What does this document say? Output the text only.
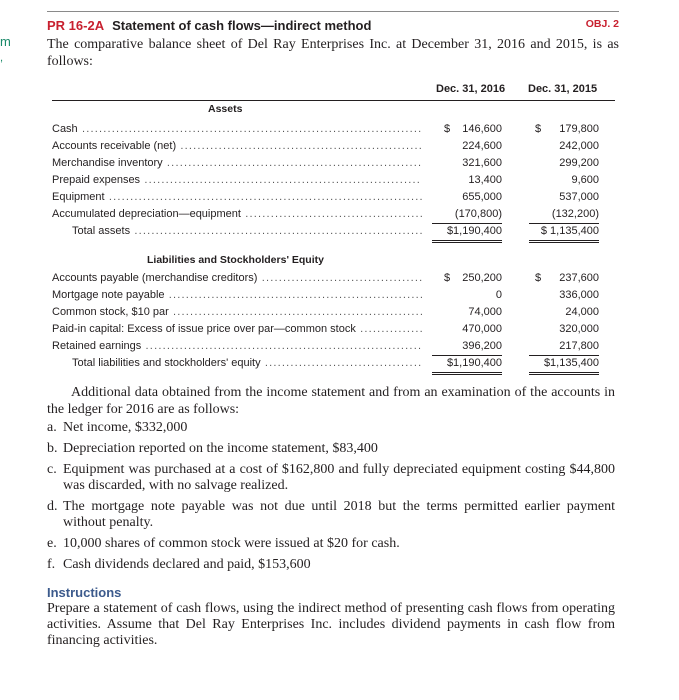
m
,
PR 16-2A Statement of cash flows—indirect method	OBJ. 2
The comparative balance sheet of Del Ray Enterprises Inc. at December 31, 2016 and 2015, is as follows:
Dec. 31, 2016 Dec. 31, 2015
Assets
Cash .....	$	146,600	$	179,800
Accounts receivable (net) .....	224,600	242,000
Merchandise inventory .....	321,600	299,200
Prepaid expenses .....	13,400	9,600
Equipment .....	655,000	537,000
Accumulated depreciation—equipment .....	(170,800)	(132,200)
Total assets .....	$1,190,400	$ 1,135,400
Liabilities and Stockholders' Equity
Accounts payable (merchandise creditors) .....	$	250,200	$	237,600
Mortgage note payable .....	0	336,000
Common stock, $10 par .....	74,000	24,000
Paid-in capital: Excess of issue price over par—common stock .....	470,000	320,000
Retained earnings .....	396,200	217,800
Total liabilities and stockholders' equity .....	$1,190,400	$1,135,400
Additional data obtained from the income statement and from an examination of the accounts in the ledger for 2016 are as follows:
a. Net income, $332,000
b. Depreciation reported on the income statement, $83,400
c. Equipment was purchased at a cost of $162,800 and fully depreciated equipment costing $44,800 was discarded, with no salvage realized.
d. The mortgage note payable was not due until 2018 but the terms permitted earlier payment without penalty.
e. 10,000 shares of common stock were issued at $20 for cash.
f. Cash dividends declared and paid, $153,600
Instructions
Prepare a statement of cash flows, using the indirect method of presenting cash flows from operating activities. Assume that Del Ray Enterprises Inc. includes dividend payments in cash flow from financing activities.
